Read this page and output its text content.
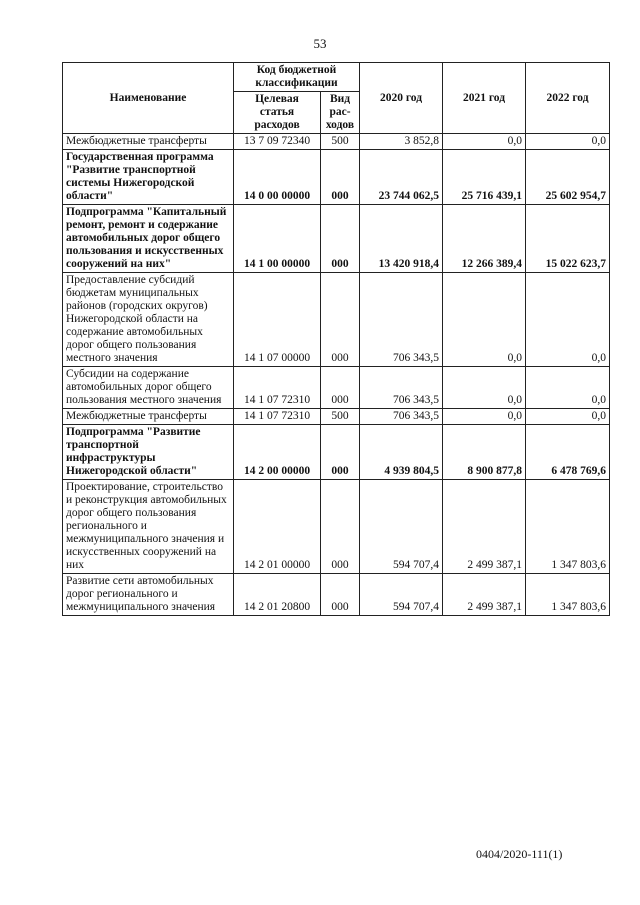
53
Наименование	Код бюджетной классификации		2020 год	2021 год	2022 год
	Целевая статья расходов	Вид рас-ходов			
Межбюджетные трансферты	13 7 09 72340	500	3 852,8	0,0	0,0
Государственная программа "Развитие транспортной системы Нижегородской области"	14 0 00 00000	000	23 744 062,5	25 716 439,1	25 602 954,7
Подпрограмма "Капитальный ремонт, ремонт и содержание автомобильных дорог общего пользования и искусственных сооружений на них"	14 1 00 00000	000	13 420 918,4	12 266 389,4	15 022 623,7
Предоставление субсидий бюджетам муниципальных районов (городских округов) Нижегородской области на содержание автомобильных дорог общего пользования местного значения	14 1 07 00000	000	706 343,5	0,0	0,0
Субсидии на содержание автомобильных дорог общего пользования местного значения	14 1 07 72310	000	706 343,5	0,0	0,0
Межбюджетные трансферты	14 1 07 72310	500	706 343,5	0,0	0,0
Подпрограмма "Развитие транспортной инфраструктуры Нижегородской области"	14 2 00 00000	000	4 939 804,5	8 900 877,8	6 478 769,6
Проектирование, строительство и реконструкция автомобильных дорог общего пользования регионального и межмуниципального значения и искусственных сооружений на них	14 2 01 00000	000	594 707,4	2 499 387,1	1 347 803,6
Развитие сети автомобильных дорог регионального и межмуниципального значения	14 2 01 20800	000	594 707,4	2 499 387,1	1 347 803,6
0404/2020-111(1)
